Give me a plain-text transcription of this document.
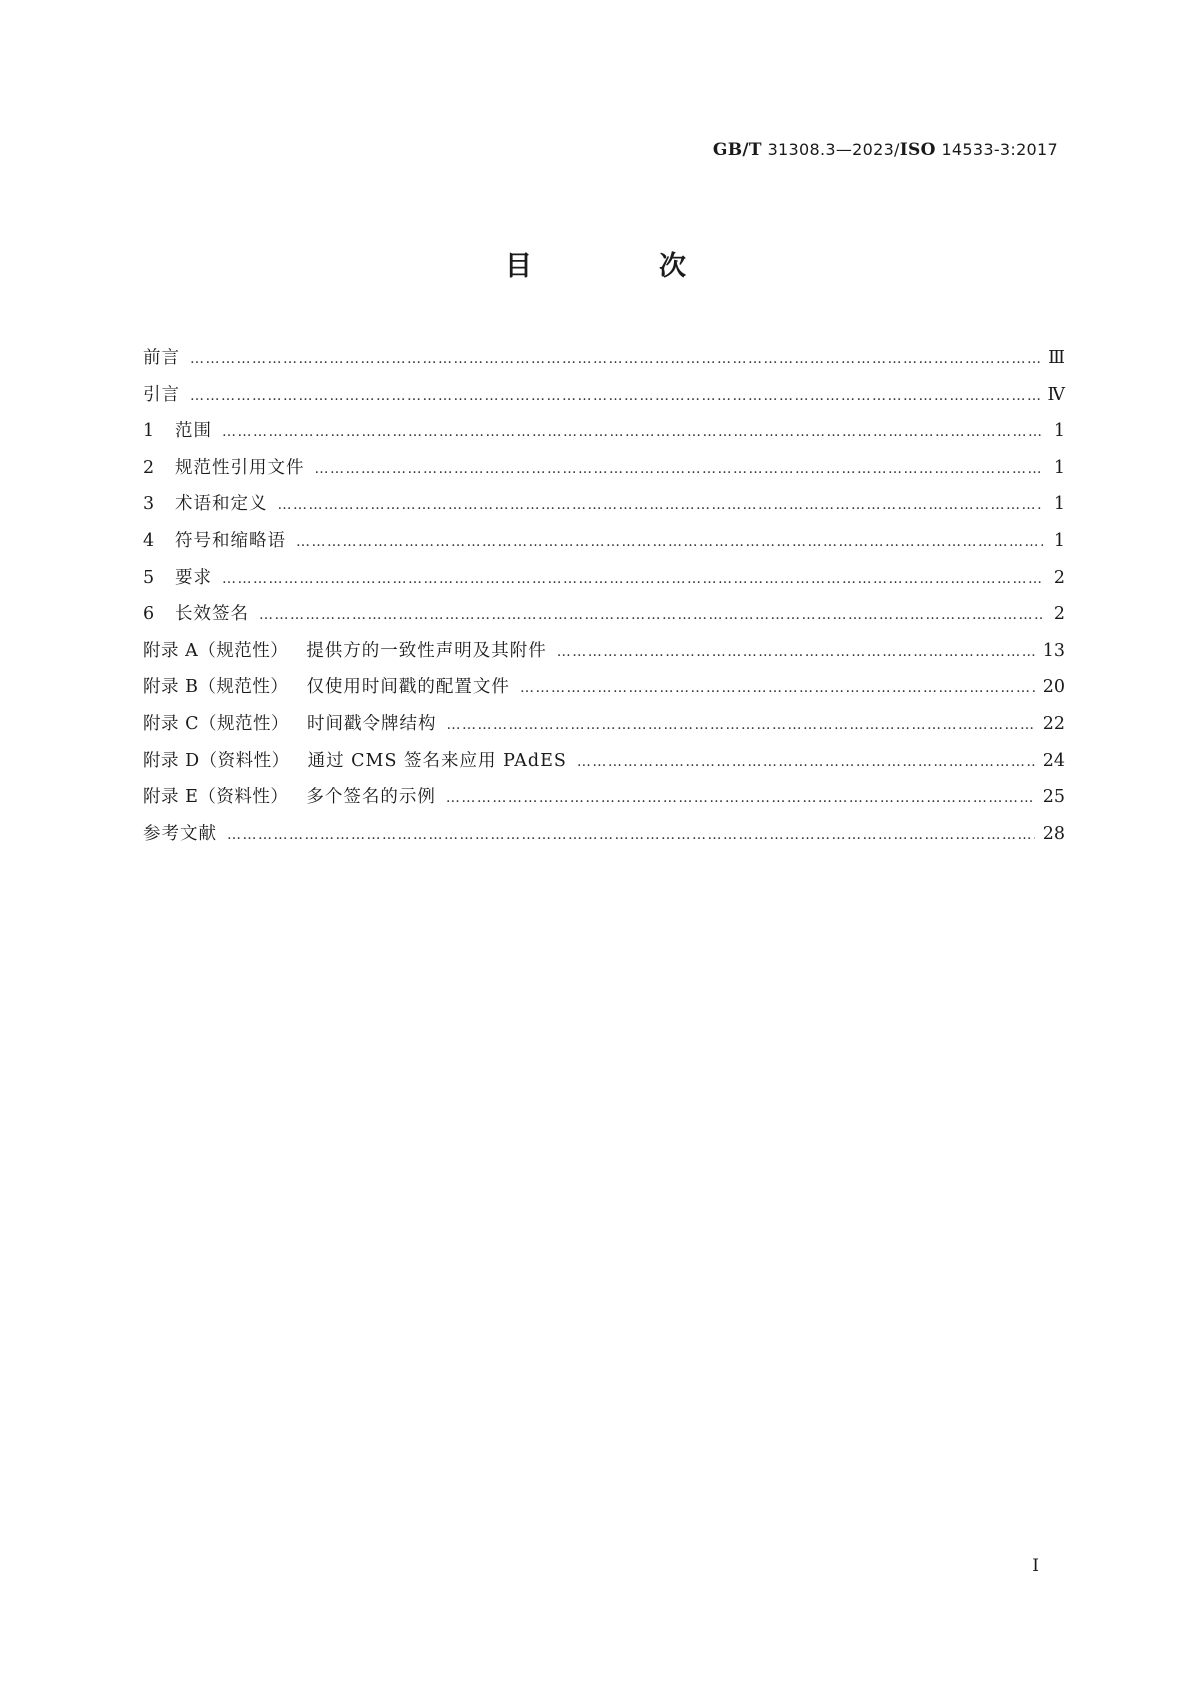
GB/T 31308.3—2023/ISO 14533-3:2017
目　次
前言 ……………………………………………………………………………………………………………………………………………………………………………………	Ⅲ
引言 ……………………………………………………………………………………………………………………………………………………………………………………	Ⅳ
1 范围 ……………………………………………………………………………………………………………………………………………………………………………………	1
2 规范性引用文件 ……………………………………………………………………………………………………………………………………………………………………………………	1
3 术语和定义 ……………………………………………………………………………………………………………………………………………………………………………………	1
4 符号和缩略语 ……………………………………………………………………………………………………………………………………………………………………………………	1
5 要求 ……………………………………………………………………………………………………………………………………………………………………………………	2
6 长效签名 ……………………………………………………………………………………………………………………………………………………………………………………	2
附录 A（规范性） 提供方的一致性声明及其附件 ……………………………………………………………………………………………………………………………………………………………………………………	13
附录 B（规范性） 仅使用时间戳的配置文件 ……………………………………………………………………………………………………………………………………………………………………………………	20
附录 C（规范性） 时间戳令牌结构 ……………………………………………………………………………………………………………………………………………………………………………………	22
附录 D（资料性） 通过 CMS 签名来应用 PAdES ……………………………………………………………………………………………………………………………………………………………………………………	24
附录 E（资料性） 多个签名的示例 ……………………………………………………………………………………………………………………………………………………………………………………	25
参考文献 ……………………………………………………………………………………………………………………………………………………………………………………	28
Ⅰ
